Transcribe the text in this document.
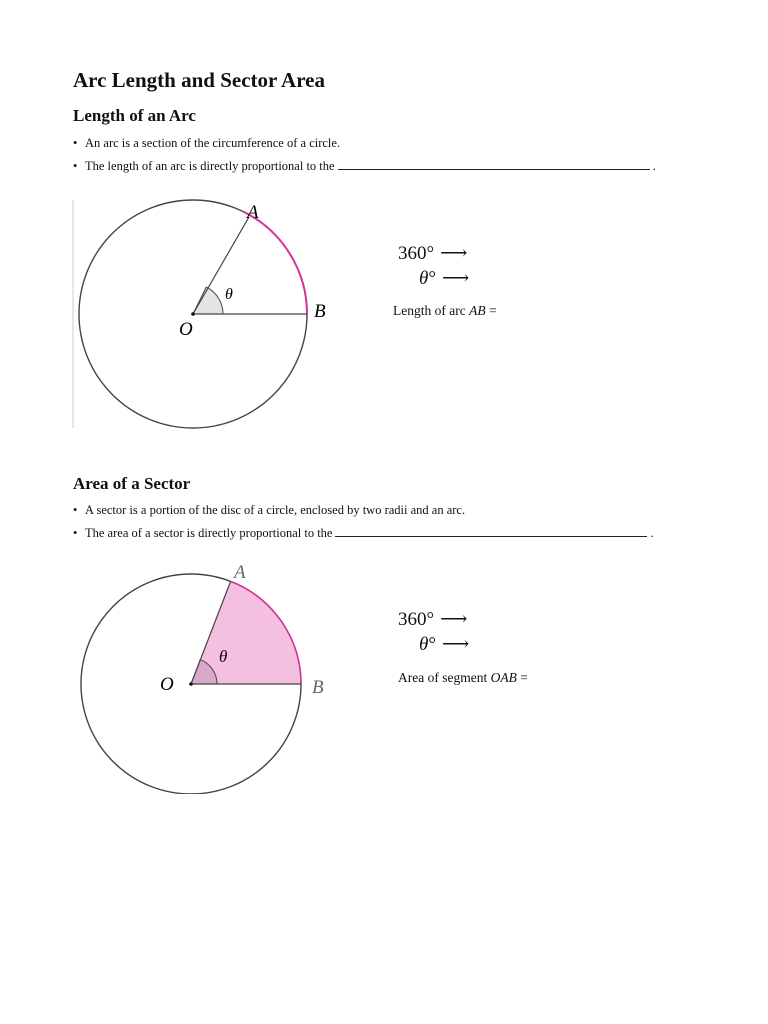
Arc Length and Sector Area
Length of an Arc
• An arc is a section of the circumference of a circle.
• The length of an arc is directly proportional to the	.
A
B
O
θ
360° ⟶
θ° ⟶
Length of arc AB =
Area of a Sector
• A sector is a portion of the disc of a circle, enclosed by two radii and an arc.
• The area of a sector is directly proportional to the	.
A
B
O
θ
360° ⟶
θ° ⟶
Area of segment OAB =
